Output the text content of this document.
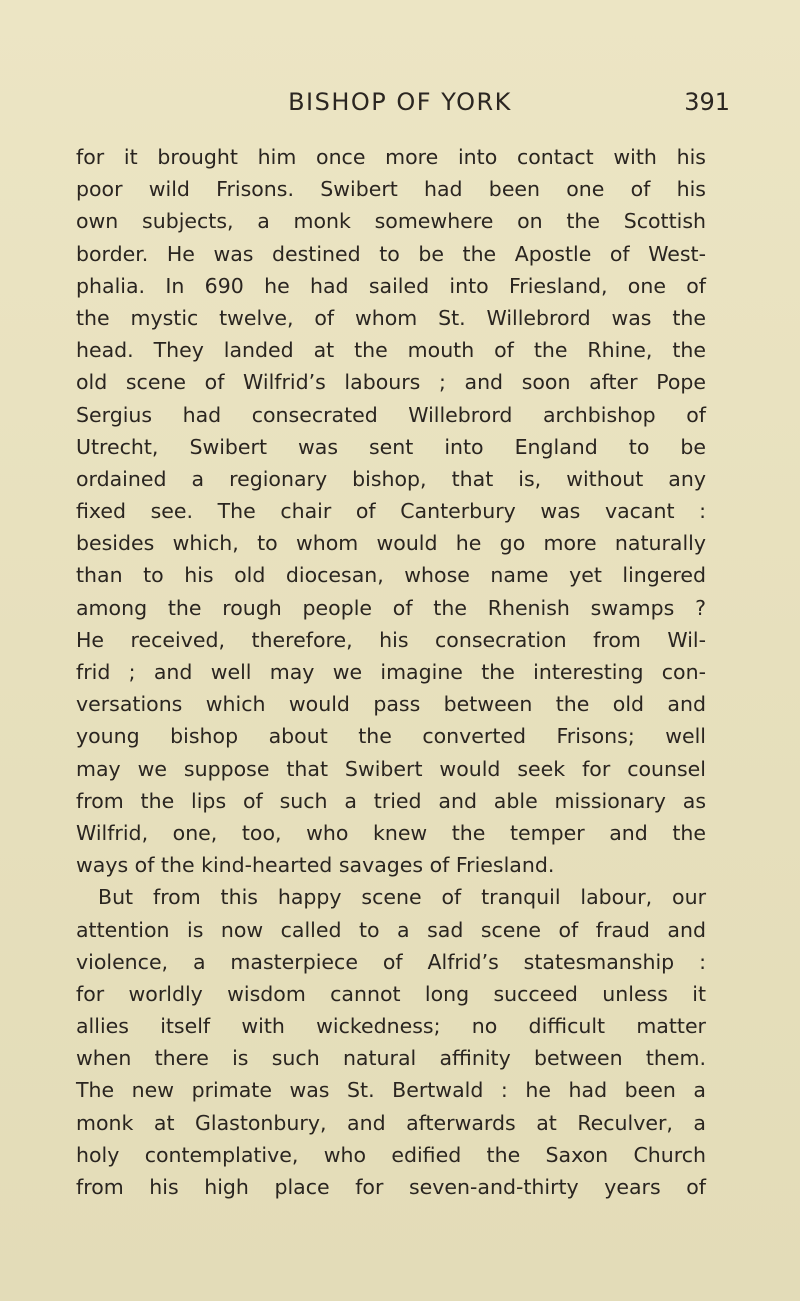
BISHOP OF YORK	391
for it brought him once more into contact with his
poor wild Frisons. Swibert had been one of his
own subjects, a monk somewhere on the Scottish
border. He was destined to be the Apostle of West-
phalia. In 690 he had sailed into Friesland, one of
the mystic twelve, of whom St. Willebrord was the
head. They landed at the mouth of the Rhine, the
old scene of Wilfrid’s labours ; and soon after Pope
Sergius had consecrated Willebrord archbishop of
Utrecht, Swibert was sent into England to be
ordained a regionary bishop, that is, without any
fixed see. The chair of Canterbury was vacant :
besides which, to whom would he go more naturally
than to his old diocesan, whose name yet lingered
among the rough people of the Rhenish swamps ?
He received, therefore, his consecration from Wil-
frid ; and well may we imagine the interesting con-
versations which would pass between the old and
young bishop about the converted Frisons; well
may we suppose that Swibert would seek for counsel
from the lips of such a tried and able missionary as
Wilfrid, one, too, who knew the temper and the
ways of the kind-hearted savages of Friesland.
But from this happy scene of tranquil labour, our
attention is now called to a sad scene of fraud and
violence, a masterpiece of Alfrid’s statesmanship :
for worldly wisdom cannot long succeed unless it
allies itself with wickedness; no difficult matter
when there is such natural affinity between them.
The new primate was St. Bertwald : he had been a
monk at Glastonbury, and afterwards at Reculver, a
holy contemplative, who edified the Saxon Church
from his high place for seven-and-thirty years of
